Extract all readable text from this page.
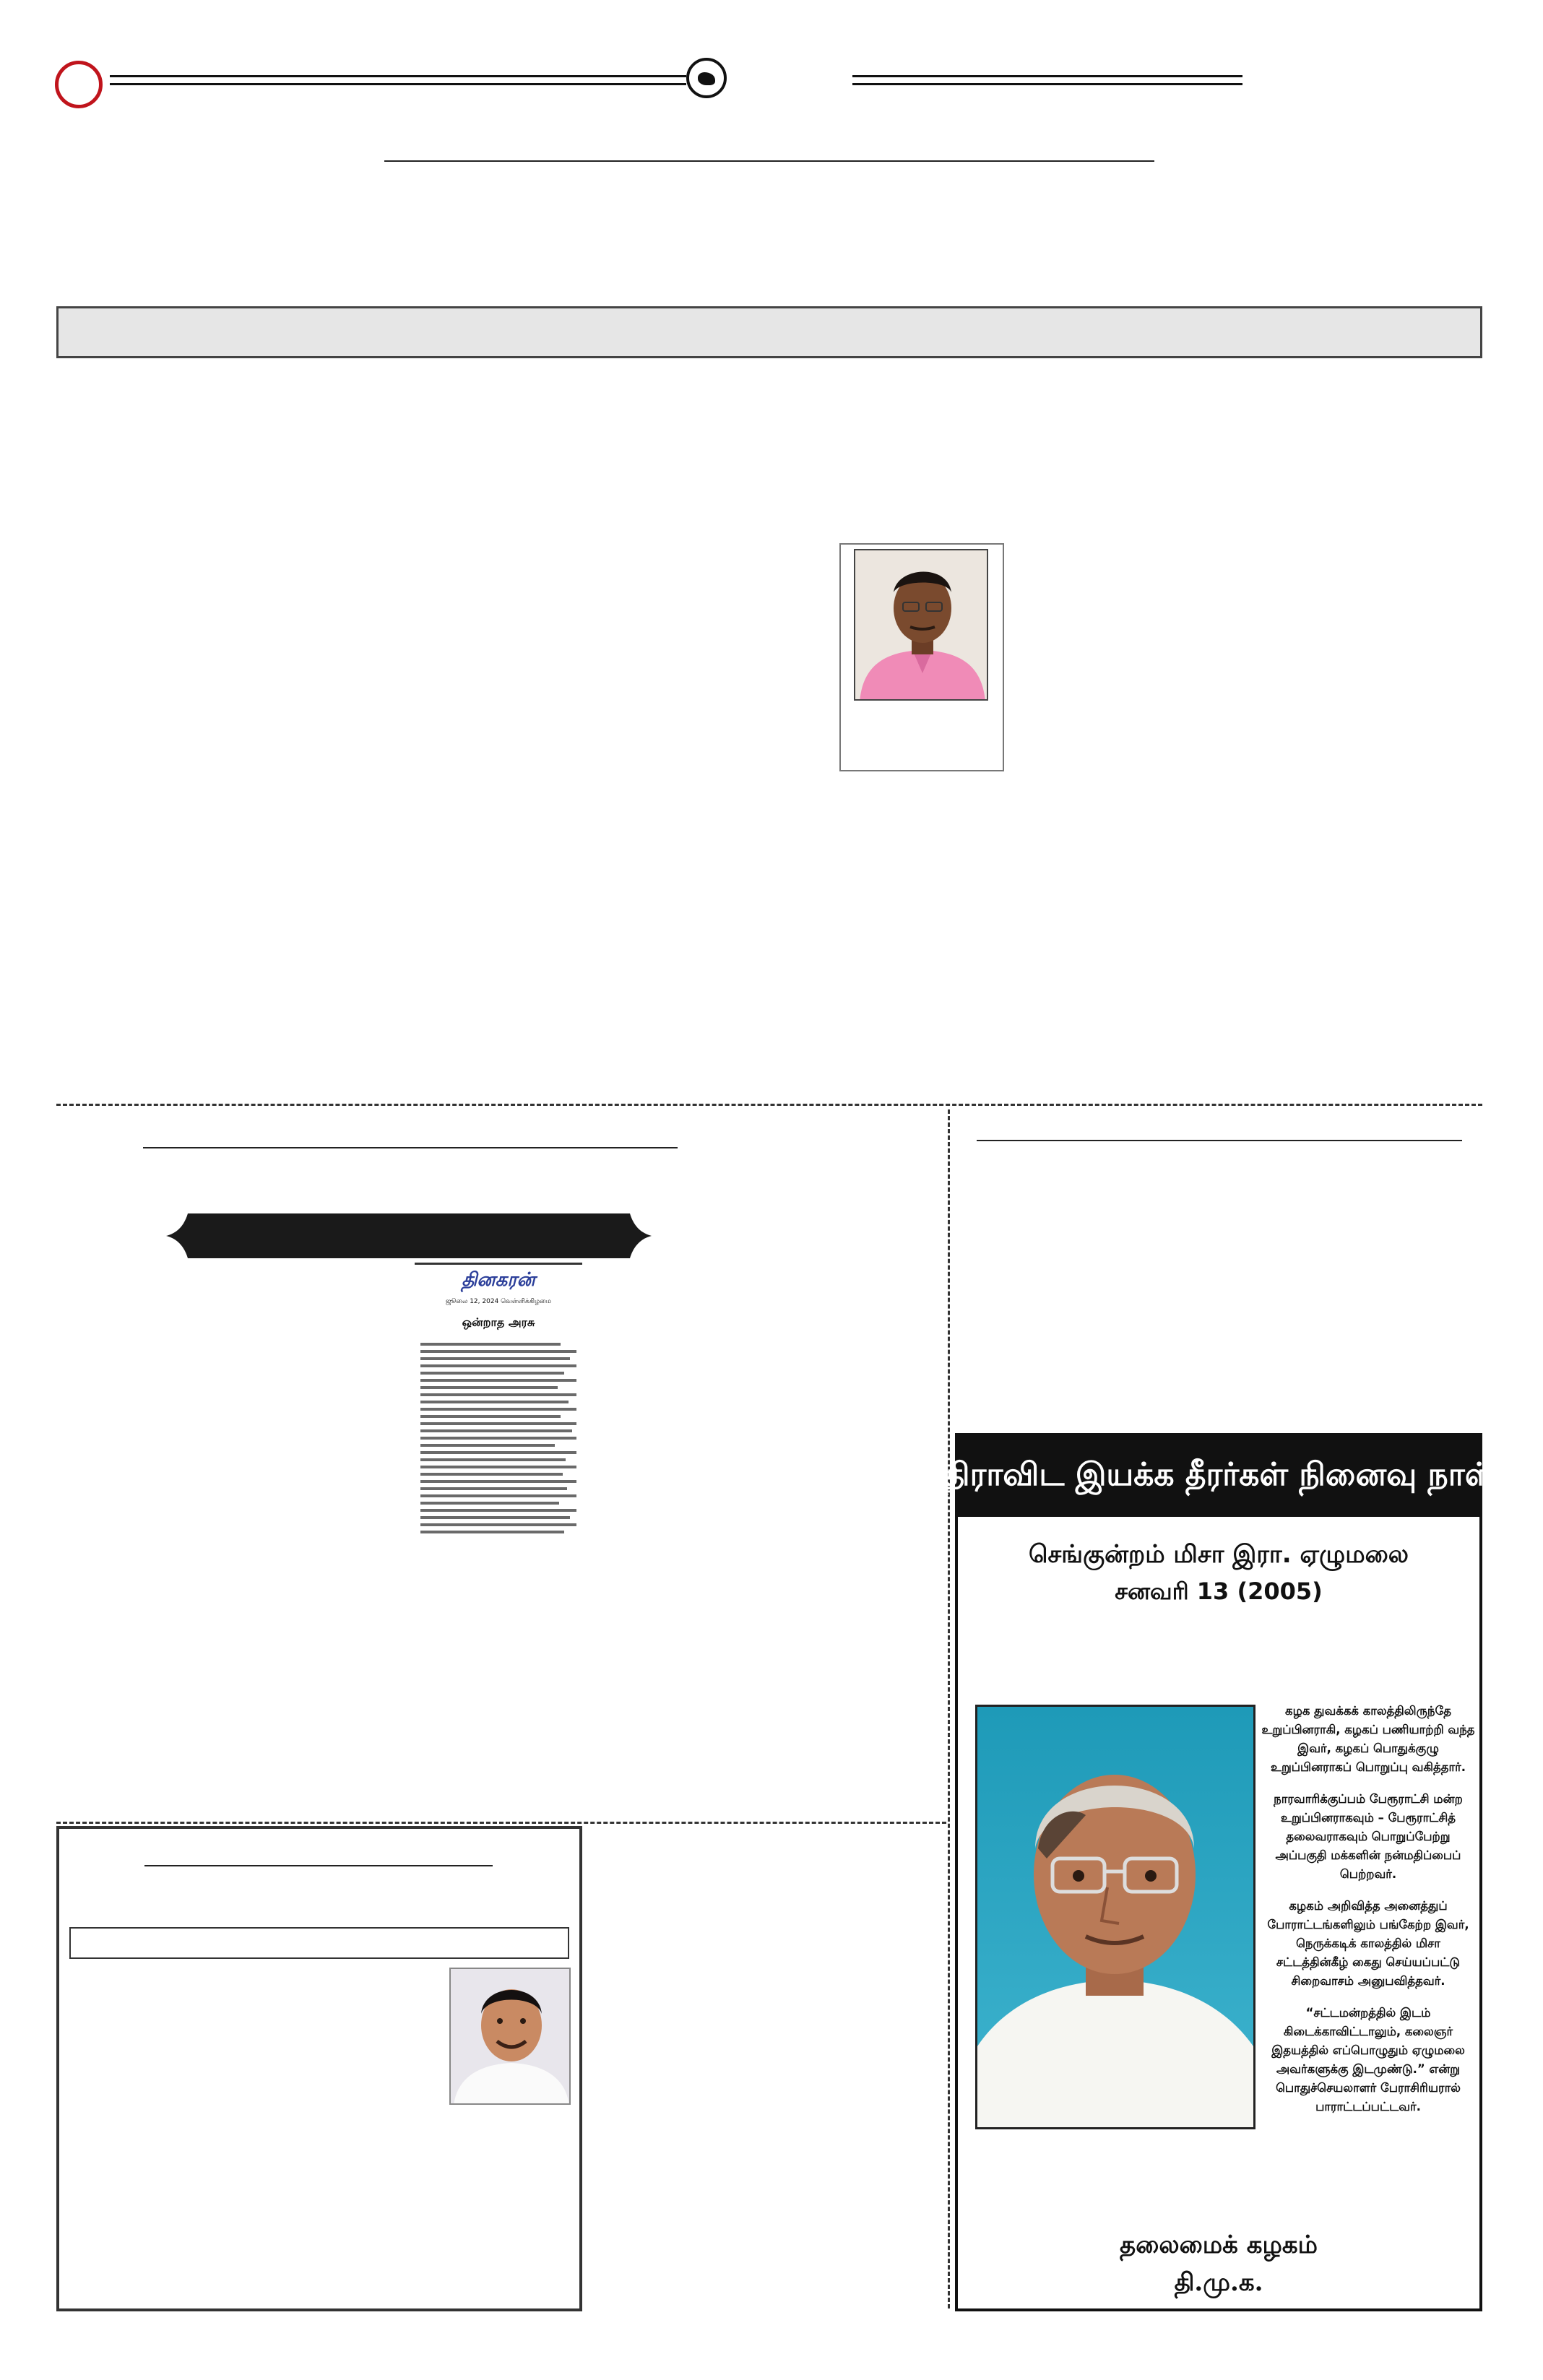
தினகரன்
ஜூலை 12, 2024 வெள்ளிக்கிழமை
ஒன்றாத அரசு
திராவிட இயக்க தீரர்கள் நினைவு நாள்
செங்குன்றம் மிசா இரா. ஏழுமலை
சனவரி 13 (2005)

கழக துவக்கக் காலத்திலிருந்தே உறுப்பினராகி, கழகப் பணியாற்றி வந்த இவர், கழகப் பொதுக்குழு உறுப்பினராகப் பொறுப்பு வகித்தார்.

நாரவாரிக்குப்பம் பேரூராட்சி மன்ற உறுப்பினராகவும் – பேரூராட்சித் தலைவராகவும் பொறுப்பேற்று அப்பகுதி மக்களின் நன்மதிப்பைப் பெற்றவர்.

கழகம் அறிவித்த அனைத்துப் போராட்டங்களிலும் பங்கேற்ற இவர், நெருக்கடிக் காலத்தில் மிசா சட்டத்தின்கீழ் கைது செய்யப்பட்டு சிறைவாசம் அனுபவித்தவர்.

“சட்டமன்றத்தில் இடம் கிடைக்காவிட்டாலும், கலைஞர் இதயத்தில் எப்பொழுதும் ஏழுமலை அவர்களுக்கு இடமுண்டு.” என்று பொதுச்செயலாளர் பேராசிரியரால் பாராட்டப்பட்டவர்.

தலைமைக் கழகம்
தி.மு.க.
